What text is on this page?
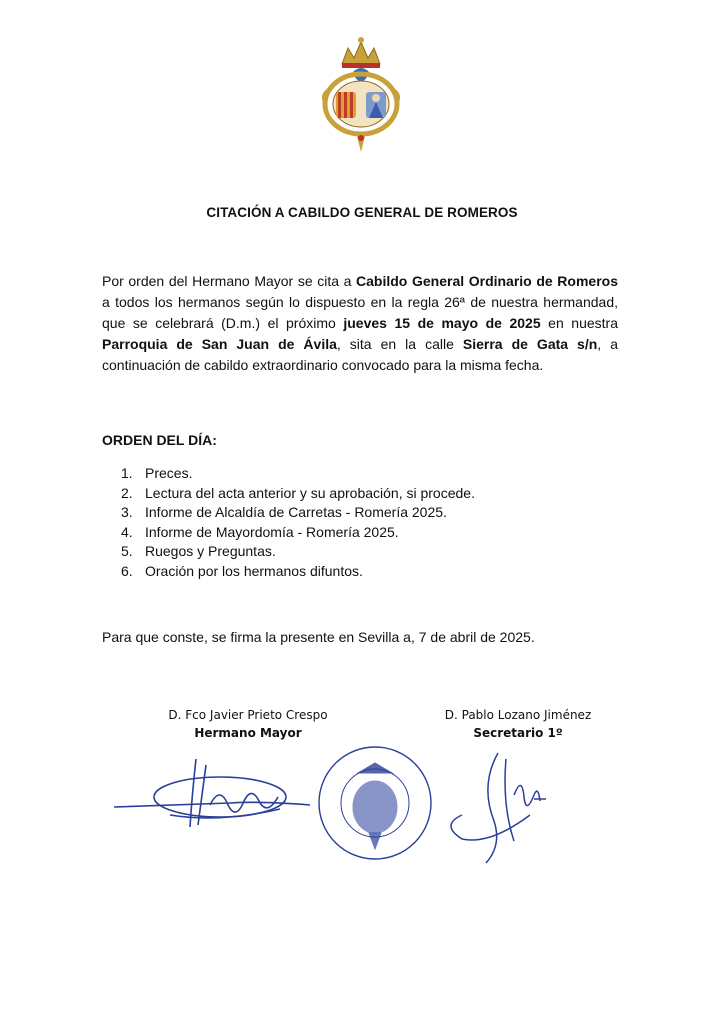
CITACIÓN A CABILDO GENERAL DE ROMEROS
Por orden del Hermano Mayor se cita a Cabildo General Ordinario de Romeros a todos los hermanos según lo dispuesto en la regla 26ª de nuestra hermandad, que se celebrará (D.m.) el próximo jueves 15 de mayo de 2025 en nuestra Parroquia de San Juan de Ávila, sita en la calle Sierra de Gata s/n, a continuación de cabildo extraordinario convocado para la misma fecha.
ORDEN DEL DÍA:
1. Preces.
2. Lectura del acta anterior y su aprobación, si procede.
3. Informe de Alcaldía de Carretas - Romería 2025.
4. Informe de Mayordomía - Romería 2025.
5. Ruegos y Preguntas.
6. Oración por los hermanos difuntos.
Para que conste, se firma la presente en Sevilla a, 7 de abril de 2025.
D. Fco Javier Prieto Crespo
Hermano Mayor
D. Pablo Lozano Jiménez
Secretario 1º
